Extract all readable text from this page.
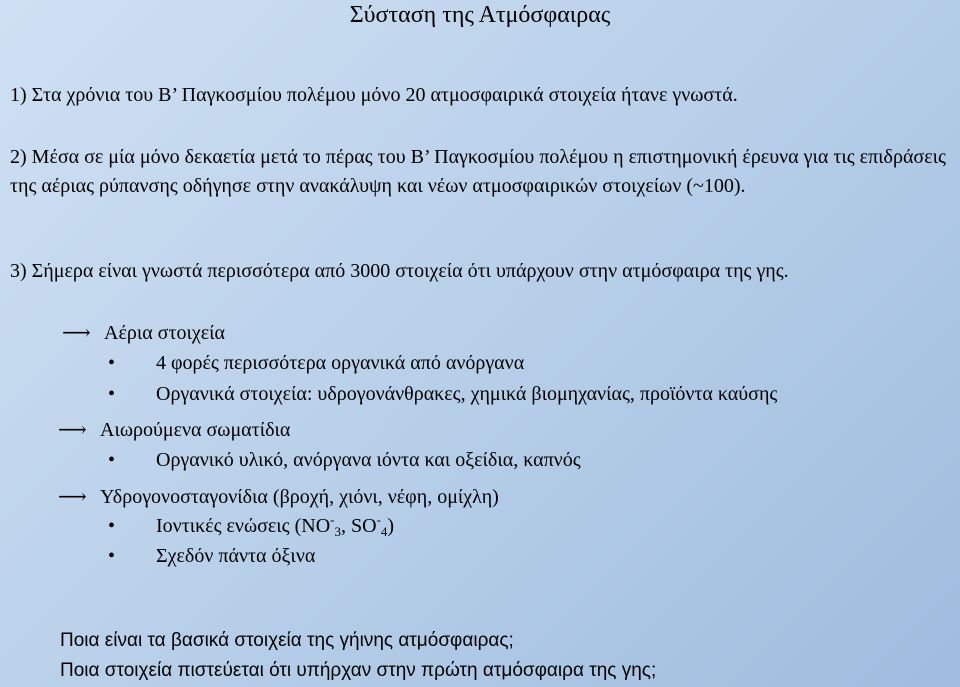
Σύσταση της Ατμόσφαιρας
1) Στα χρόνια του Β’ Παγκοσμίου πολέμου μόνο 20 ατμοσφαιρικά στοιχεία ήτανε γνωστά.
2) Μέσα σε μία μόνο δεκαετία μετά το πέρας του Β’ Παγκοσμίου πολέμου η επιστημονική έρευνα για τις επιδράσεις της αέριας ρύπανσης οδήγησε στην ανακάλυψη και νέων ατμοσφαιρικών στοιχείων (~100).
3) Σήμερα είναι γνωστά περισσότερα από 3000 στοιχεία ότι υπάρχουν στην ατμόσφαιρα της γης.
⟶ Αέρια στοιχεία
• 4 φορές περισσότερα οργανικά από ανόργανα
• Οργανικά στοιχεία: υδρογονάνθρακες, χημικά βιομηχανίας, προϊόντα καύσης
⟶ Αιωρούμενα σωματίδια
• Οργανικό υλικό, ανόργανα ιόντα και οξείδια, καπνός
⟶ Υδρογονοσταγονίδια (βροχή, χιόνι, νέφη, ομίχλη)
• Ιοντικές ενώσεις ($NO^-_3$, $SO^-_4$)
• Σχεδόν πάντα όξινα
Ποια είναι τα βασικά στοιχεία της γήινης ατμόσφαιρας;
Ποια στοιχεία πιστεύεται ότι υπήρχαν στην πρώτη ατμόσφαιρα της γης;
